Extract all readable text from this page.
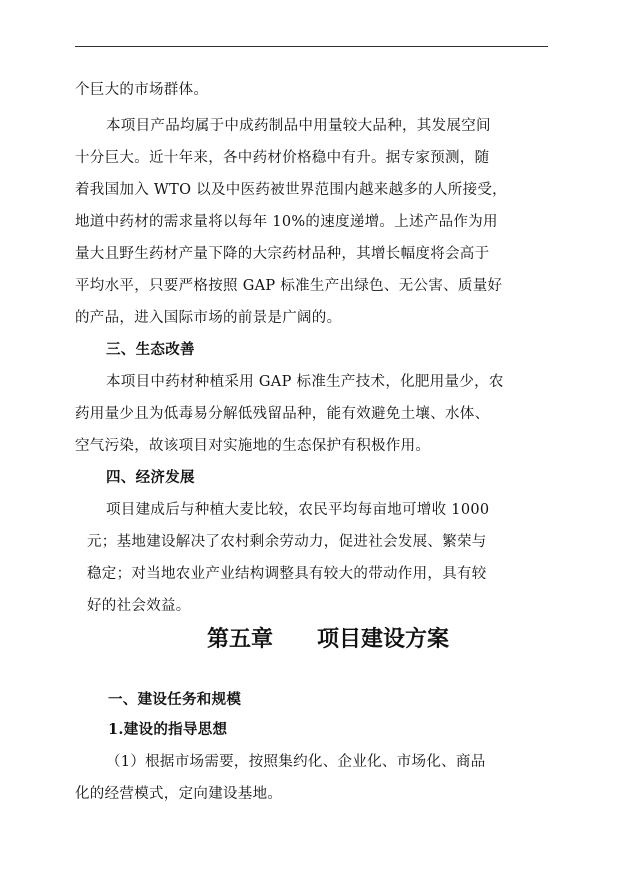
个巨大的市场群体。
本项目产品均属于中成药制品中用量较大品种，其发展空间
十分巨大。近十年来，各中药材价格稳中有升。据专家预测，随
着我国加入 WTO 以及中医药被世界范围内越来越多的人所接受，
地道中药材的需求量将以每年 10%的速度递增。上述产品作为用
量大且野生药材产量下降的大宗药材品种，其增长幅度将会高于
平均水平，只要严格按照 GAP 标准生产出绿色、无公害、质量好
的产品，进入国际市场的前景是广阔的。
三、生态改善
本项目中药材种植采用 GAP 标准生产技术，化肥用量少，农
药用量少且为低毒易分解低残留品种，能有效避免土壤、水体、
空气污染，故该项目对实施地的生态保护有积极作用。
四、经济发展
项目建成后与种植大麦比较，农民平均每亩地可增收 1000
元；基地建设解决了农村剩余劳动力，促进社会发展、繁荣与
稳定；对当地农业产业结构调整具有较大的带动作用，具有较
好的社会效益。
第五章 项目建设方案
一、建设任务和规模
1.建设的指导思想
（1）根据市场需要，按照集约化、企业化、市场化、商品
化的经营模式，定向建设基地。
